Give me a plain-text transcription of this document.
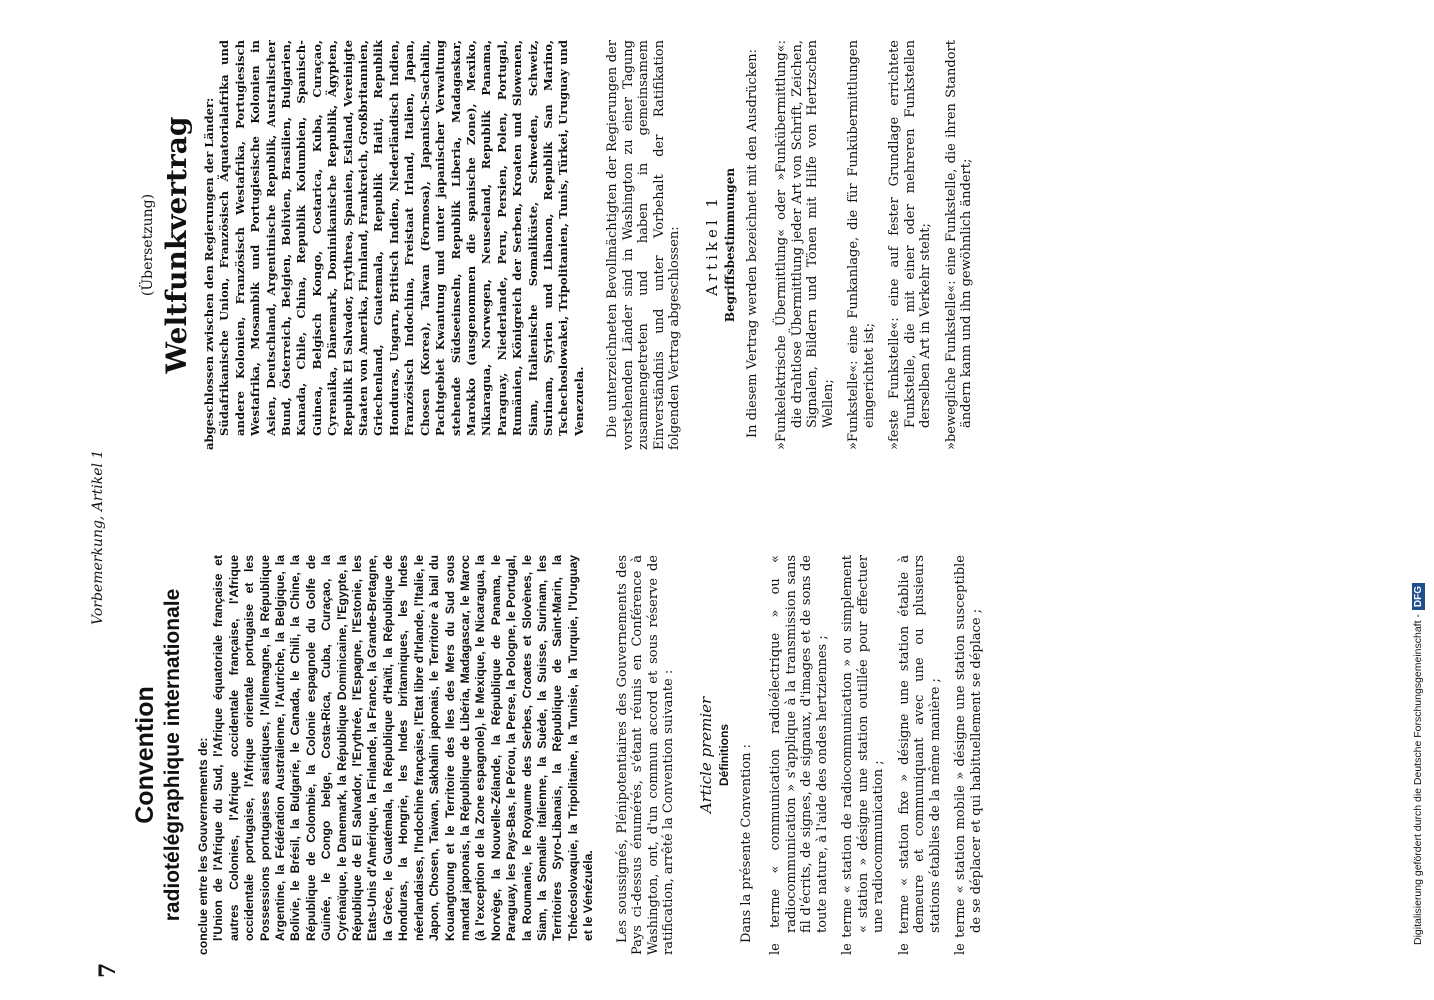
7
Vorbemerkung, Artikel 1
Convention radiotélégraphique internationale conclue entre les Gouvernements de: l'Union de l'Afrique du Sud, l'Afrique équatoriale française et autres Colonies, l'Afrique occidentale française, l'Afrique occidentale portugaise, l'Afrique orientale portugaise et les Possessions portugaises asiatiques, l'Allemagne, la République Argentine, la Fédération Australienne, l'Autriche, la Belgique, la Bolivie, le Brésil, la Bulgarie, le Canada, le Chili, la Chine, la République de Colombie, la Colonie espagnole du Golfe de Guinée, le Congo belge, Costa-Rica, Cuba, Curaçao, la Cyrénaïque, le Danemark, la République Dominicaine, l'Egypte, la République de El Salvador, l'Erythrée, l'Espagne, l'Estonie, les Etats-Unis d'Amérique, la Finlande, la France, la Grande-Bretagne, la Grèce, le Guatémala, la République d'Haïti, la République de Honduras, la Hongrie, les Indes britanniques, les Indes néerlandaises, l'Indochine française, l'Etat libre d'Irlande, l'Italie, le Japon, Chosen, Taiwan, Sakhalin japonais, le Territoire à bail du Kouangtoung et le Territoire des Iles des Mers du Sud sous mandat japonais, la République de Libéria, Madagascar, le Maroc (à l'exception de la Zone espagnole), le Mexique, le Nicaragua, la Norvège, la Nouvelle-Zélande, la République de Panama, le Paraguay, les Pays-Bas, le Pérou, la Perse, la Pologne, le Portugal, la Roumanie, le Royaume des Serbes, Croates et Slovènes, le Siam, la Somalie italienne, la Suède, la Suisse, Surinam, les Territoires Syro-Libanais, la République de Saint-Marin, la Tchécoslovaquie, la Tripolitaine, la Tunisie, la Turquie, l'Uruguay et le Vénézuéla. Les soussignés, Plénipotentiaires des Gouvernements des Pays ci-dessus énumérés, s'étant réunis en Conférence à Washington, ont, d'un commun accord et sous réserve de ratification, arrêté la Convention suivante : Article premier Définitions Dans la présente Convention : le terme « communication radioélectrique » ou « radiocommunication » s'applique à la transmission sans fil d'écrits, de signes, de signaux, d'images et de sons de toute nature, à l'aide des ondes hertziennes ; le terme « station de radiocommunication » ou simplement « station » désigne une station outillée pour effectuer une radiocommunication ; le terme « station fixe » désigne une station établie à demeure et communiquant avec une ou plusieurs stations établies de la même manière ; le terme « station mobile » désigne une station susceptible de se déplacer et qui habituellement se déplace ;

(Übersetzung) Weltfunkvertrag abgeschlossen zwischen den Regierungen der Länder: Südafrikanische Union, Französisch Äquatorialafrika und andere Kolonien, Französisch Westafrika, Portugiesisch Westafrika, Mosambik und Portugiesische Kolonien in Asien, Deutschland, Argentinische Republik, Australischer Bund, Österreich, Belgien, Bolivien, Brasilien, Bulgarien, Kanada, Chile, China, Republik Kolumbien, Spanisch-Guinea, Belgisch Kongo, Costarica, Kuba, Curaçao, Cyrenaika, Dänemark, Dominikanische Republik, Ägypten, Republik El Salvador, Erythrea, Spanien, Estland, Vereinigte Staaten von Amerika, Finnland, Frankreich, Großbritannien, Griechenland, Guatemala, Republik Haiti, Republik Honduras, Ungarn, Britisch Indien, Niederländisch Indien, Französisch Indochina, Freistaat Irland, Italien, Japan, Chosen (Korea), Taiwan (Formosa), Japanisch-Sachalin, Pachtgebiet Kwantung und unter japanischer Verwaltung stehende Südseeinseln, Republik Liberia, Madagaskar, Marokko (ausgenommen die spanische Zone), Mexiko, Nikaragua, Norwegen, Neuseeland, Republik Panama, Paraguay, Niederlande, Peru, Persien, Polen, Portugal, Rumänien, Königreich der Serben, Kroaten und Slowenen, Siam, Italienische Somaliküste, Schweden, Schweiz, Surinam, Syrien und Libanon, Republik San Marino, Tschechoslowakei, Tripolitanien, Tunis, Türkei, Uruguay und Venezuela. Die unterzeichneten Bevollmächtigten der Regierungen der vorstehenden Länder sind in Washington zu einer Tagung zusammengetreten und haben in gemeinsamem Einverständnis und unter Vorbehalt der Ratifikation folgenden Vertrag abgeschlossen: Artikel 1 Begriffsbestimmungen In diesem Vertrag werden bezeichnet mit den Ausdrücken: »Funkelektrische Übermittlung« oder »Funkübermittlung«: die drahtlose Übermittlung jeder Art von Schrift, Zeichen, Signalen, Bildern und Tönen mit Hilfe von Hertzschen Wellen; »Funkstelle«: eine Funkanlage, die für Funkübermittlungen eingerichtet ist; »feste Funkstelle«: eine auf fester Grundlage errichtete Funkstelle, die mit einer oder mehreren Funkstellen derselben Art in Verkehr steht; »bewegliche Funkstelle«: eine Funkstelle, die ihren Standort ändern kann und ihn gewöhnlich ändert;

Digitalisierung gefördert durch die Deutsche Forschungsgemeinschaft -DFG
